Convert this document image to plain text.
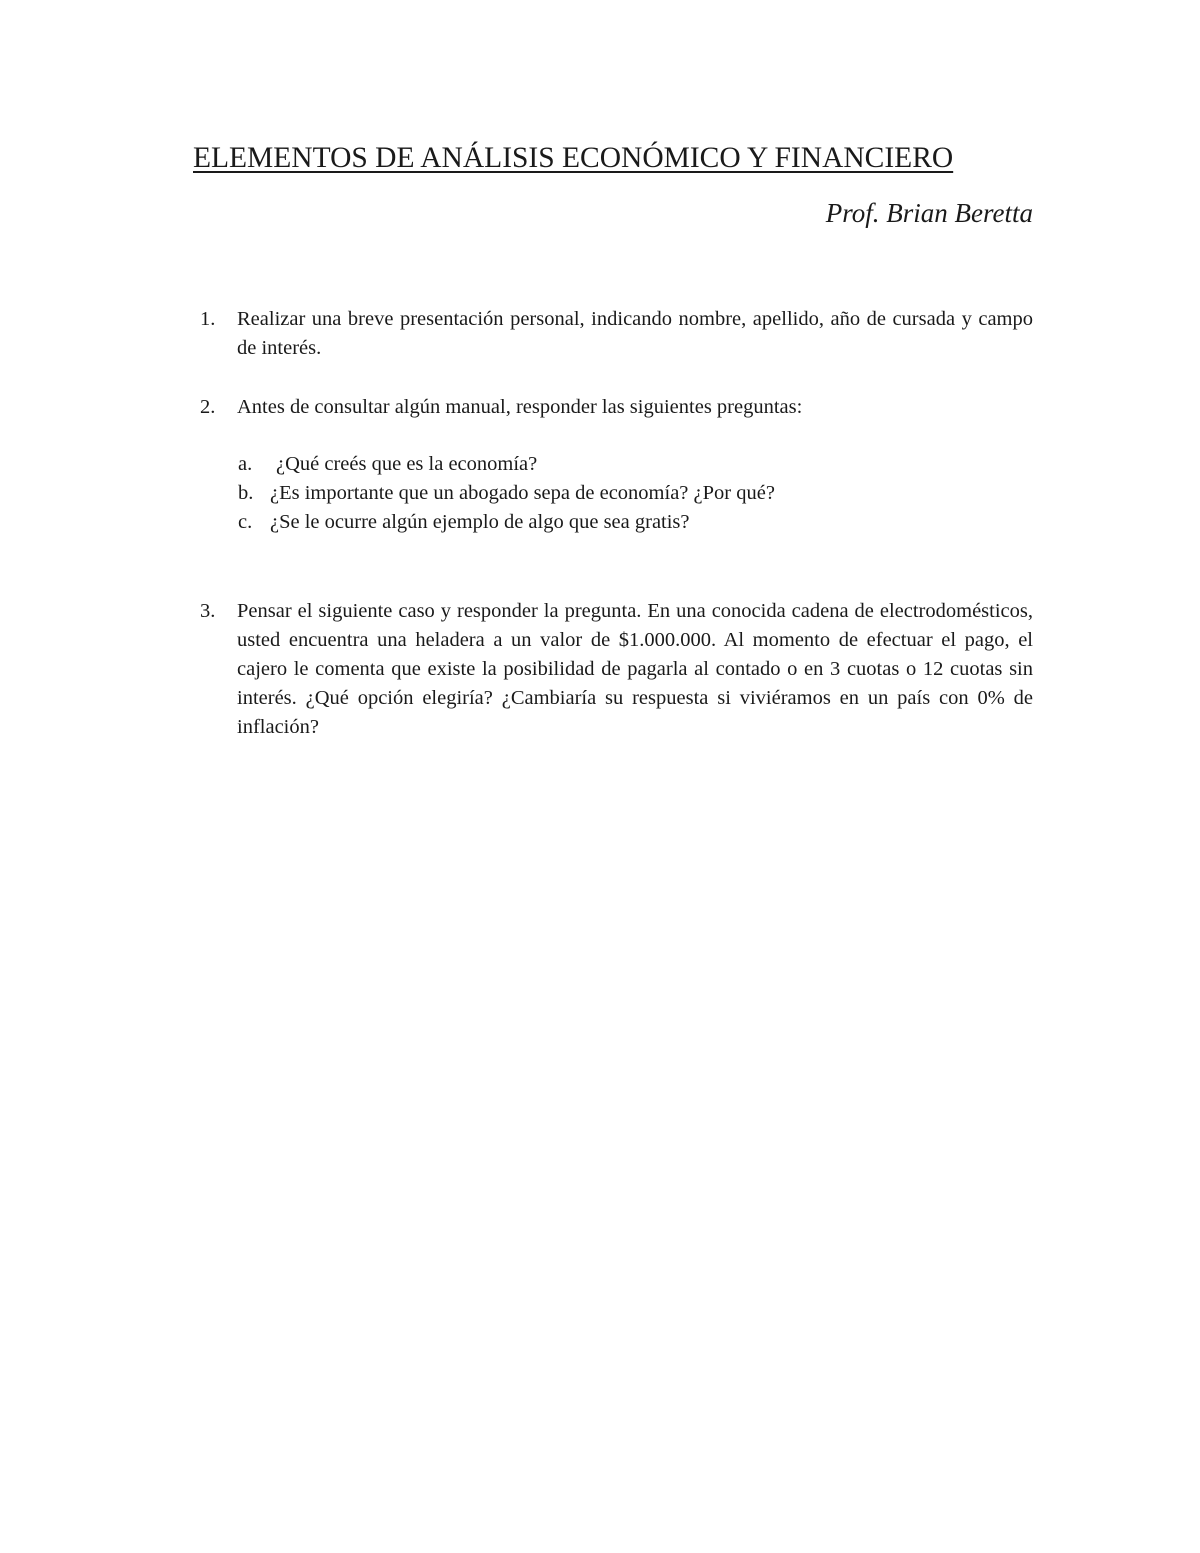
ELEMENTOS DE ANÁLISIS ECONÓMICO Y FINANCIERO
Prof. Brian Beretta
1.	Realizar una breve presentación personal, indicando nombre, apellido, año de cursada y campo de interés.
2.	Antes de consultar algún manual, responder las siguientes preguntas:
a. ¿Qué creés que es la economía?
b. ¿Es importante que un abogado sepa de economía? ¿Por qué?
c. ¿Se le ocurre algún ejemplo de algo que sea gratis?
3.	Pensar el siguiente caso y responder la pregunta. En una conocida cadena de electrodomésticos, usted encuentra una heladera a un valor de $1.000.000. Al momento de efectuar el pago, el cajero le comenta que existe la posibilidad de pagarla al contado o en 3 cuotas o 12 cuotas sin interés. ¿Qué opción elegiría? ¿Cambiaría su respuesta si viviéramos en un país con 0% de inflación?
